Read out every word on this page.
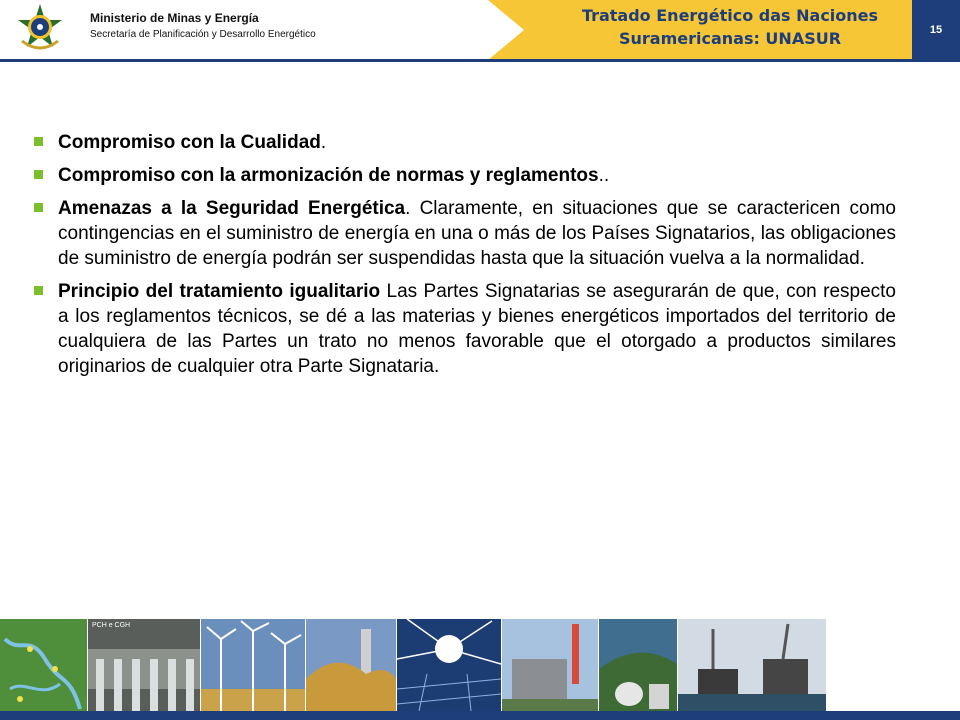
Ministerio de Minas y Energía
Secretaría de Planificación y Desarrollo Energético
Tratado Energético das Naciones
Suramericanas: UNASUR	15
Compromiso con la Cualidad.
Compromiso con la armonización de normas y reglamentos..
Amenazas a la Seguridad Energética. Claramente, en situaciones que se caractericen como contingencias en el suministro de energía en una o más de los Países Signatarios, las obligaciones de suministro de energía podrán ser suspendidas hasta que la situación vuelva a la normalidad.
Principio del tratamiento igualitario Las Partes Signatarias se asegurarán de que, con respecto a los reglamentos técnicos, se dé a las materias y bienes energéticos importados del territorio de cualquiera de las Partes un trato no menos favorable que el otorgado a productos similares originarios de cualquier otra Parte Signataria.
PCH e CGH
